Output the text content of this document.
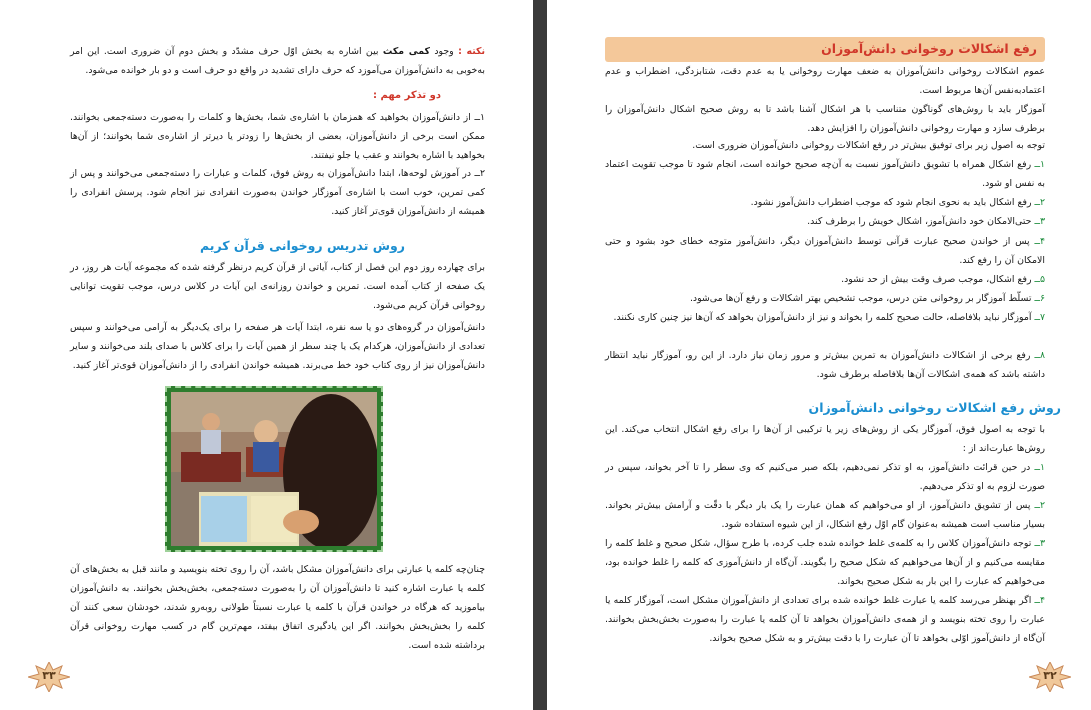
نکته : وجود کمی مکث بین اشاره به بخش اوّل حرف مشدّد و بخش دوم آن ضروری است. این امر به‌خوبی به دانش‌آموزان می‌آموزد که حرف دارای تشدید در واقع دو حرف است و دو بار خوانده می‌شود.

دو تذکر مهم :

۱ــ از دانش‌آموزان بخواهید که همزمان با اشاره‌ی شما، بخش‌ها و کلمات را به‌صورت دسته‌جمعی بخوانند. ممکن است برخی از دانش‌آموزان، بعضی از بخش‌ها را زودتر یا دیرتر از اشاره‌ی شما بخوانند؛ از آن‌ها بخواهید با اشاره بخوانند و عقب یا جلو نیفتند.

۲ــ در آموزش لوحه‌ها، ابتدا دانش‌آموزان به روش فوق، کلمات و عبارات را دسته‌جمعی می‌خوانند و پس از کمی تمرین، خوب است با اشاره‌ی آموزگار خواندن به‌صورت انفرادی نیز انجام شود. پرسش انفرادی را همیشه از دانش‌آموزان قوی‌تر آغاز کنید.

روش تدریس روخوانی قرآن کریم

برای چهارده روز دوم این فصل از کتاب، آیاتی از قرآن کریم درنظر گرفته شده که مجموعه آیات هر روز، در یک صفحه از کتاب آمده است. تمرین و خواندن روزانه‌ی این آیات در کلاس درس، موجب تقویت توانایی روخوانی قرآن کریم می‌شود.

دانش‌آموزان در گروه‌های دو یا سه نفره، ابتدا آیات هر صفحه را برای یک‌دیگر به آرامی می‌خوانند و سپس تعدادی از دانش‌آموزان، هرکدام یک یا چند سطر از همین آیات را برای کلاس با صدای بلند می‌خوانند و سایر دانش‌آموزان نیز از روی کتاب خود خط می‌برند. همیشه خواندن انفرادی را از دانش‌آموزان قوی‌تر آغاز کنید.

چنان‌چه کلمه یا عبارتی برای دانش‌آموزان مشکل باشد، آن را روی تخته بنویسید و مانند قبل به بخش‌های آن کلمه یا عبارت اشاره کنید تا دانش‌آموزان آن را به‌صورت دسته‌جمعی، بخش‌بخش بخوانند. به دانش‌آموزان بیاموزید که هرگاه در خواندن قرآن با کلمه یا عبارت نسبتاً طولانی روبه‌رو شدند، خودشان سعی کنند آن کلمه را بخش‌بخش بخوانند. اگر این یادگیری اتفاق بیفتد، مهم‌ترین گام در کسب مهارت روخوانی قرآن برداشته شده است.

۳۳
رفع اشکالات روخوانی دانش‌آموزان

عموم اشکالات روخوانی دانش‌آموزان به ضعف مهارت روخوانی یا به عدم دقت، شتابزدگی، اضطراب و عدم اعتمادبه‌نفس آن‌ها مربوط است.

آموزگار باید با روش‌های گوناگون متناسب با هر اشکال آشنا باشد تا به روش صحیح اشکال دانش‌آموزان را برطرف سازد و مهارت روخوانی دانش‌آموزان را افزایش دهد.

توجه به اصول زیر برای توفیق بیش‌تر در رفع اشکالات روخوانی دانش‌آموزان ضروری است.

۱ــ رفع اشکال همراه با تشویق دانش‌آموز نسبت به آن‌چه صحیح خوانده است، انجام شود تا موجب تقویت اعتماد به نفس او شود.

۲ــ رفع اشکال باید به نحوی انجام شود که موجب اضطراب دانش‌آموز نشود.

۳ــ حتی‌الامکان خود دانش‌آموز، اشکال خویش را برطرف کند.

۴ــ پس از خواندن صحیح عبارت قرآنی توسط دانش‌آموزان دیگر، دانش‌آموز متوجه خطای خود بشود و حتی الامکان آن را رفع کند.

۵ــ رفع اشکال، موجب صرف وقت بیش از حد نشود.

۶ــ تسلّط آموزگار بر روخوانی متن درس، موجب تشخیص بهتر اشکالات و رفع آن‌ها می‌شود.

۷ــ آموزگار نباید بلافاصله، حالت صحیح کلمه را بخواند و نیز از دانش‌آموزان بخواهد که آن‌ها نیز چنین کاری نکنند.

۸ــ رفع برخی از اشکالات دانش‌آموزان به تمرین بیش‌تر و مرور زمان نیاز دارد. از این رو، آموزگار نباید انتظار داشته باشد که همه‌ی اشکالات آن‌ها بلافاصله برطرف شود.

روش رفع اشکالات روخوانی دانش‌آموزان

با توجه به اصول فوق، آموزگار یکی از روش‌های زیر یا ترکیبی از آن‌ها را برای رفع اشکال انتخاب می‌کند. این روش‌ها عبارت‌اند از :

۱ــ در حین قرائت دانش‌آموز، به او تذکر نمی‌دهیم، بلکه صبر می‌کنیم که وی سطر را تا آخر بخواند، سپس در صورت لزوم به او تذکر می‌دهیم.

۲ــ پس از تشویق دانش‌آموز، از او می‌خواهیم که همان عبارت را یک بار دیگر با دقّت و آرامش بیش‌تر بخواند. بسیار مناسب است همیشه به‌عنوان گام اوّل رفع اشکال، از این شیوه استفاده شود.

۳ــ توجه دانش‌آموزان کلاس را به کلمه‌ی غلط خوانده شده جلب کرده، با طرح سؤال، شکل صحیح و غلط کلمه را مقایسه می‌کنیم و از آن‌ها می‌خواهیم که شکل صحیح را بگویند. آن‌گاه از دانش‌آموزی که کلمه را غلط خوانده بود، می‌خواهیم که عبارت را این بار به شکل صحیح بخواند.

۴ــ اگر بهنظر می‌رسد کلمه یا عبارت غلط خوانده شده برای تعدادی از دانش‌آموزان مشکل است، آموزگار کلمه یا عبارت را روی تخته بنویسد و از همه‌ی دانش‌آموزان بخواهد تا آن کلمه یا عبارت را به‌صورت بخش‌بخش بخوانند. آن‌گاه از دانش‌آموز اوّلی بخواهد تا آن عبارت را با دقت بیش‌تر و به شکل صحیح بخواند.

۳۲
